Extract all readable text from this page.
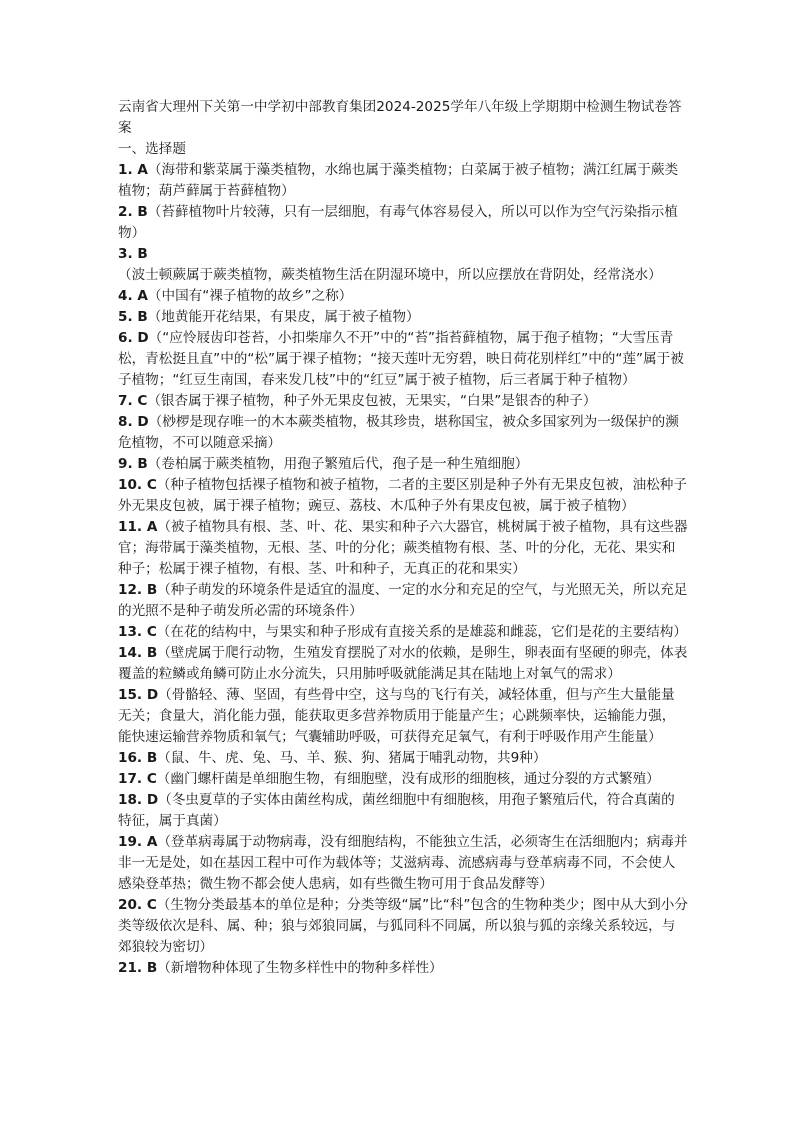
云南省大理州下关第一中学初中部教育集团2024-2025学年八年级上学期期中检测生物试卷答案

一、选择题

1. A（海带和紫菜属于藻类植物，水绵也属于藻类植物；白菜属于被子植物；满江红属于蕨类植物；葫芦藓属于苔藓植物）

2. B（苔藓植物叶片较薄，只有一层细胞，有毒气体容易侵入，所以可以作为空气污染指示植物）

3. B（波士顿蕨属于蕨类植物，蕨类植物生活在阴湿环境中，所以应摆放在背阴处，经常浇水）

4. A（中国有“裸子植物的故乡”之称）

5. B（地黄能开花结果，有果皮，属于被子植物）

6. D（“应怜屐齿印苍苔，小扣柴扉久不开”中的“苔”指苔藓植物，属于孢子植物；“大雪压青松，青松挺且直”中的“松”属于裸子植物；“接天莲叶无穷碧，映日荷花别样红”中的“莲”属于被子植物；“红豆生南国，春来发几枝”中的“红豆”属于被子植物，后三者属于种子植物）

7. C（银杏属于裸子植物，种子外无果皮包被，无果实，“白果”是银杏的种子）

8. D（桫椤是现存唯一的木本蕨类植物，极其珍贵，堪称国宝，被众多国家列为一级保护的濒危植物，不可以随意采摘）

9. B（卷柏属于蕨类植物，用孢子繁殖后代，孢子是一种生殖细胞）

10. C（种子植物包括裸子植物和被子植物，二者的主要区别是种子外有无果皮包被，油松种子外无果皮包被，属于裸子植物；豌豆、荔枝、木瓜种子外有果皮包被，属于被子植物）

11. A（被子植物具有根、茎、叶、花、果实和种子六大器官，桃树属于被子植物，具有这些器官；海带属于藻类植物，无根、茎、叶的分化；蕨类植物有根、茎、叶的分化，无花、果实和种子；松属于裸子植物，有根、茎、叶和种子，无真正的花和果实）

12. B（种子萌发的环境条件是适宜的温度、一定的水分和充足的空气，与光照无关，所以充足的光照不是种子萌发所必需的环境条件）

13. C（在花的结构中，与果实和种子形成有直接关系的是雄蕊和雌蕊，它们是花的主要结构）

14. B（壁虎属于爬行动物，生殖发育摆脱了对水的依赖，是卵生，卵表面有坚硬的卵壳，体表覆盖的粒鳞或角鳞可防止水分流失，只用肺呼吸就能满足其在陆地上对氧气的需求）

15. D（骨骼轻、薄、坚固，有些骨中空，这与鸟的飞行有关，减轻体重，但与产生大量能量无关；食量大，消化能力强，能获取更多营养物质用于能量产生；心跳频率快，运输能力强，能快速运输营养物质和氧气；气囊辅助呼吸，可获得充足氧气，有利于呼吸作用产生能量）

16. B（鼠、牛、虎、兔、马、羊、猴、狗、猪属于哺乳动物，共9种）

17. C（幽门螺杆菌是单细胞生物，有细胞壁，没有成形的细胞核，通过分裂的方式繁殖）

18. D（冬虫夏草的子实体由菌丝构成，菌丝细胞中有细胞核，用孢子繁殖后代，符合真菌的特征，属于真菌）

19. A（登革病毒属于动物病毒，没有细胞结构，不能独立生活，必须寄生在活细胞内；病毒并非一无是处，如在基因工程中可作为载体等；艾滋病毒、流感病毒与登革病毒不同，不会使人感染登革热；微生物不都会使人患病，如有些微生物可用于食品发酵等）

20. C（生物分类最基本的单位是种；分类等级“属”比“科”包含的生物种类少；图中从大到小分类等级依次是科、属、种；狼与郊狼同属，与狐同科不同属，所以狼与狐的亲缘关系较远，与郊狼较为密切）

21. B（新增物种体现了生物多样性中的物种多样性）
